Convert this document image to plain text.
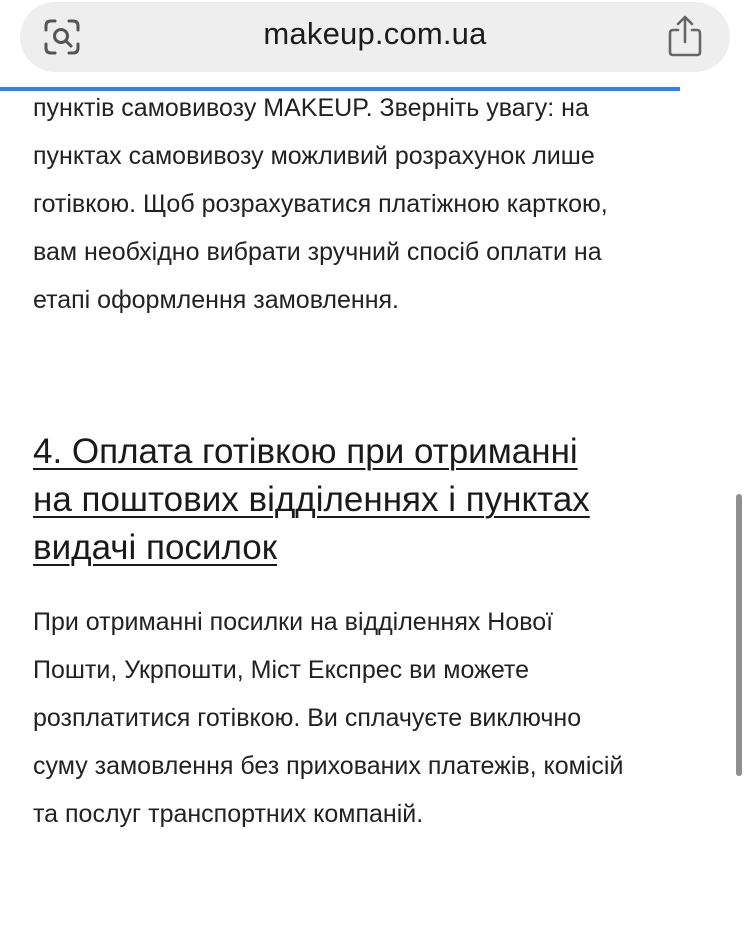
пунктів самовивозу MAKEUP. Зверніть увагу: на
пунктах самовивозу можливий розрахунок лише
готівкою. Щоб розрахуватися платіжною карткою,
вам необхідно вибрати зручний спосіб оплати на
етапі оформлення замовлення.

4. Оплата готівкою при отриманні
на поштових відділеннях і пунктах
видачі посилок

При отриманні посилки на відділеннях Нової
Пошти, Укрпошти, Міст Експрес ви можете
розплатитися готівкою. Ви сплачуєте виключно
суму замовлення без прихованих платежів, комісій
та послуг транспортних компаній.

makeup.com.ua
